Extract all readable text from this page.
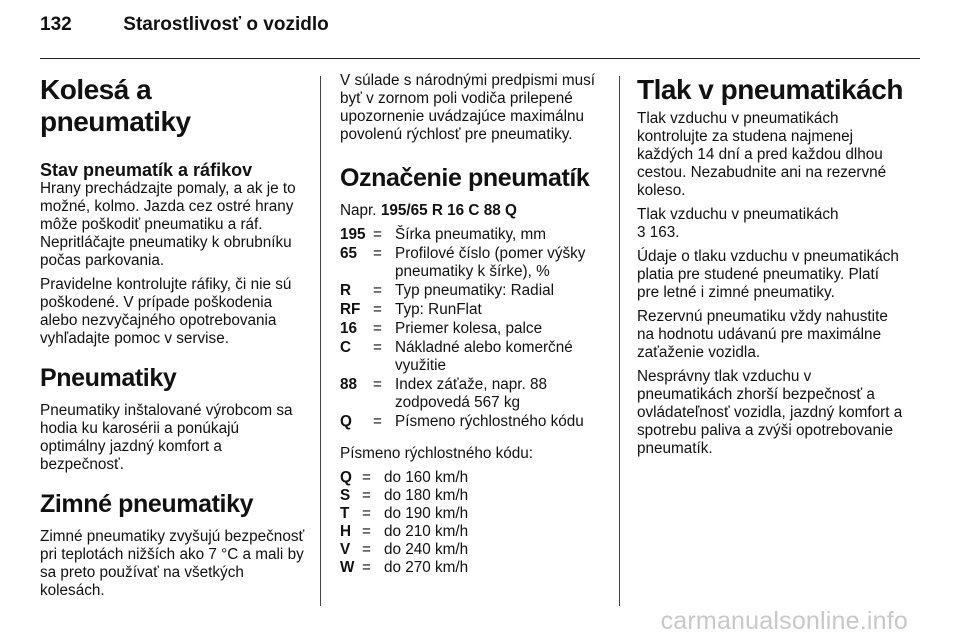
132	Starostlivosť o vozidlo
Kolesá a pneumatiky
Stav pneumatík a ráfikov

Hrany prechádzajte pomaly, a ak je to možné, kolmo. Jazda cez ostré hrany môže poškodiť pneumatiku a ráf. Nepritláčajte pneumatiky k obrubníku počas parkovania.

Pravidelne kontrolujte ráfiky, či nie sú poškodené. V prípade poškodenia alebo nezvyčajného opotrebovania vyhľadajte pomoc v servise.

Pneumatiky

Pneumatiky inštalované výrobcom sa hodia ku karosérii a ponúkajú optimálny jazdný komfort a bezpečnosť.

Zimné pneumatiky

Zimné pneumatiky zvyšujú bezpečnosť pri teplotách nižších ako 7 °C a mali by sa preto používať na všetkých kolesách.

V súlade s národnými predpismi musí byť v zornom poli vodiča prilepené upozornenie uvádzajúce maximálnu povolenú rýchlosť pre pneumatiky.

Označenie pneumatík

Napr. 195/65 R 16 C 88 Q

195 = Šírka pneumatiky, mm
65	= Profilové číslo (pomer výšky pneumatiky k šírke), %
R	= Typ pneumatiky: Radial
RF = Typ: RunFlat
16	= Priemer kolesa, palce
C	= Nákladné alebo komerčné využitie
88	= Index záťaže, napr. 88 zodpovedá 567 kg
Q	= Písmeno rýchlostného kódu

Písmeno rýchlostného kódu:

Q = do 160 km/h
S = do 180 km/h
T = do 190 km/h
H = do 210 km/h
V = do 240 km/h
W = do 270 km/h
Tlak v pneumatikách

Tlak vzduchu v pneumatikách kontrolujte za studena najmenej každých 14 dní a pred každou dlhou cestou. Nezabudnite ani na rezervné koleso.

Tlak vzduchu v pneumatikách
3 163.

Údaje o tlaku vzduchu v pneumatikách platia pre studené pneumatiky. Platí pre letné i zimné pneumatiky.

Rezervnú pneumatiku vždy nahustite na hodnotu udávanú pre maximálne zaťaženie vozidla.

Nesprávny tlak vzduchu v pneumatikách zhorší bezpečnosť a ovládateľnosť vozidla, jazdný komfort a spotrebu paliva a zvýši opotrebovanie pneumatík.

carmanualsonline.info
